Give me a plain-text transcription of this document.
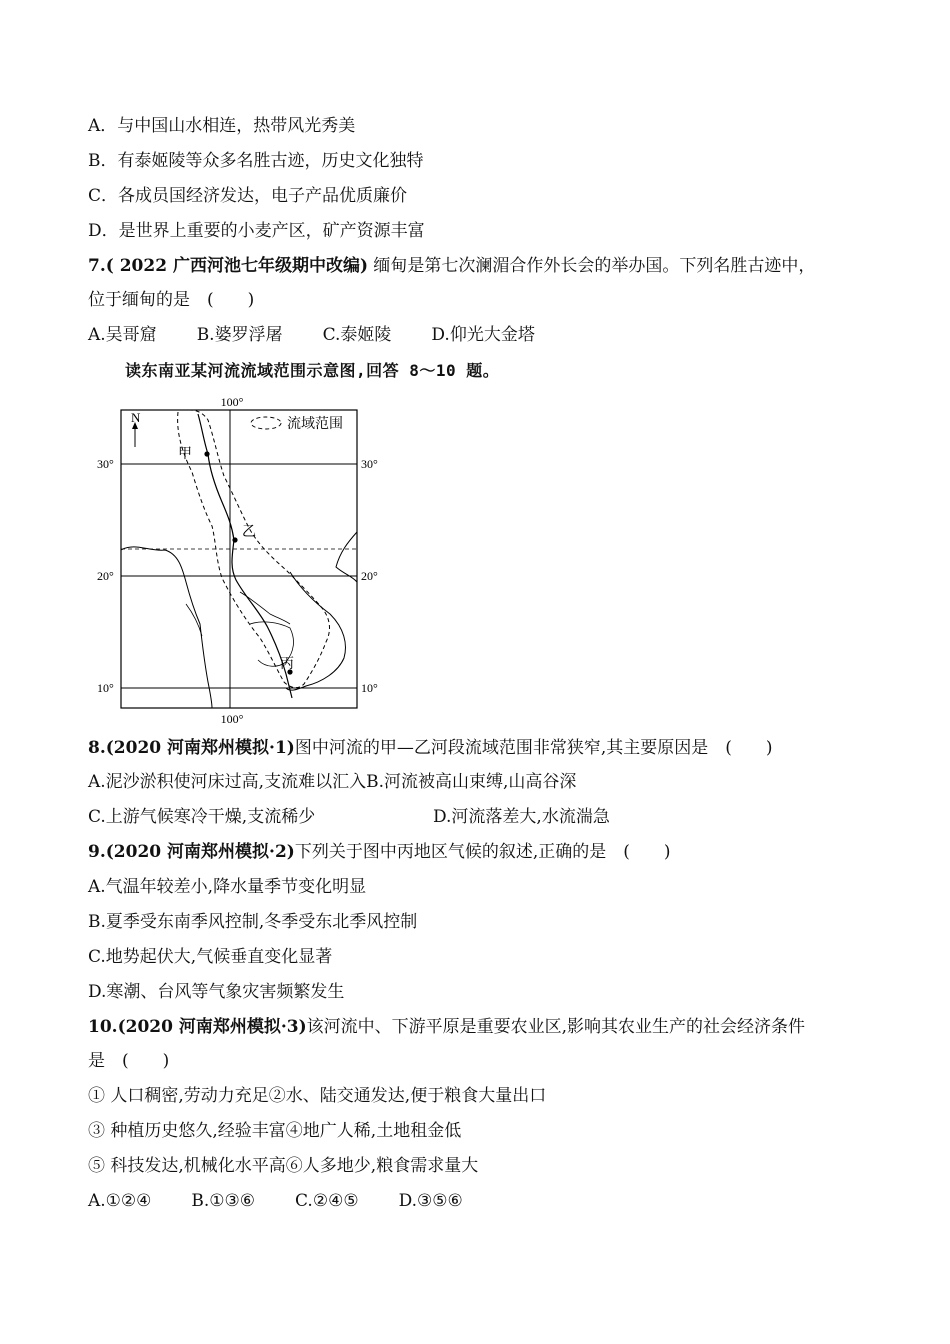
A．与中国山水相连，热带风光秀美
B．有泰姬陵等众多名胜古迹，历史文化独特
C．各成员国经济发达，电子产品优质廉价
D．是世界上重要的小麦产区，矿产资源丰富
7.( 2022 广西河池七年级期中改编) 缅甸是第七次澜湄合作外长会的举办国。下列名胜古迹中，
位于缅甸的是　(　　)
A.吴哥窟 B.婆罗浮屠 C.泰姬陵 D.仰光大金塔
读东南亚某河流流域范围示意图,回答 8～10 题。
100°
100°
30°	30°
20°	20°
10°	10°
N	流域范围
甲
乙
丙
8.(2020 河南郑州模拟·1)图中河流的甲—乙河段流域范围非常狭窄,其主要原因是　(　　)
A.泥沙淤积使河床过高,支流难以汇入B.河流被高山束缚,山高谷深
C.上游气候寒冷干燥,支流稀少	D.河流落差大,水流湍急
9.(2020 河南郑州模拟·2)下列关于图中丙地区气候的叙述,正确的是　(　　)
A.气温年较差小,降水量季节变化明显
B.夏季受东南季风控制,冬季受东北季风控制
C.地势起伏大,气候垂直变化显著
D.寒潮、台风等气象灾害频繁发生
10.(2020 河南郑州模拟·3)该河流中、下游平原是重要农业区,影响其农业生产的社会经济条件
是　(　　)
① 人口稠密,劳动力充足②水、陆交通发达,便于粮食大量出口
③ 种植历史悠久,经验丰富④地广人稀,土地租金低
⑤ 科技发达,机械化水平高⑥人多地少,粮食需求量大
A.①②④ B.①③⑥ C.②④⑤ D.③⑤⑥
